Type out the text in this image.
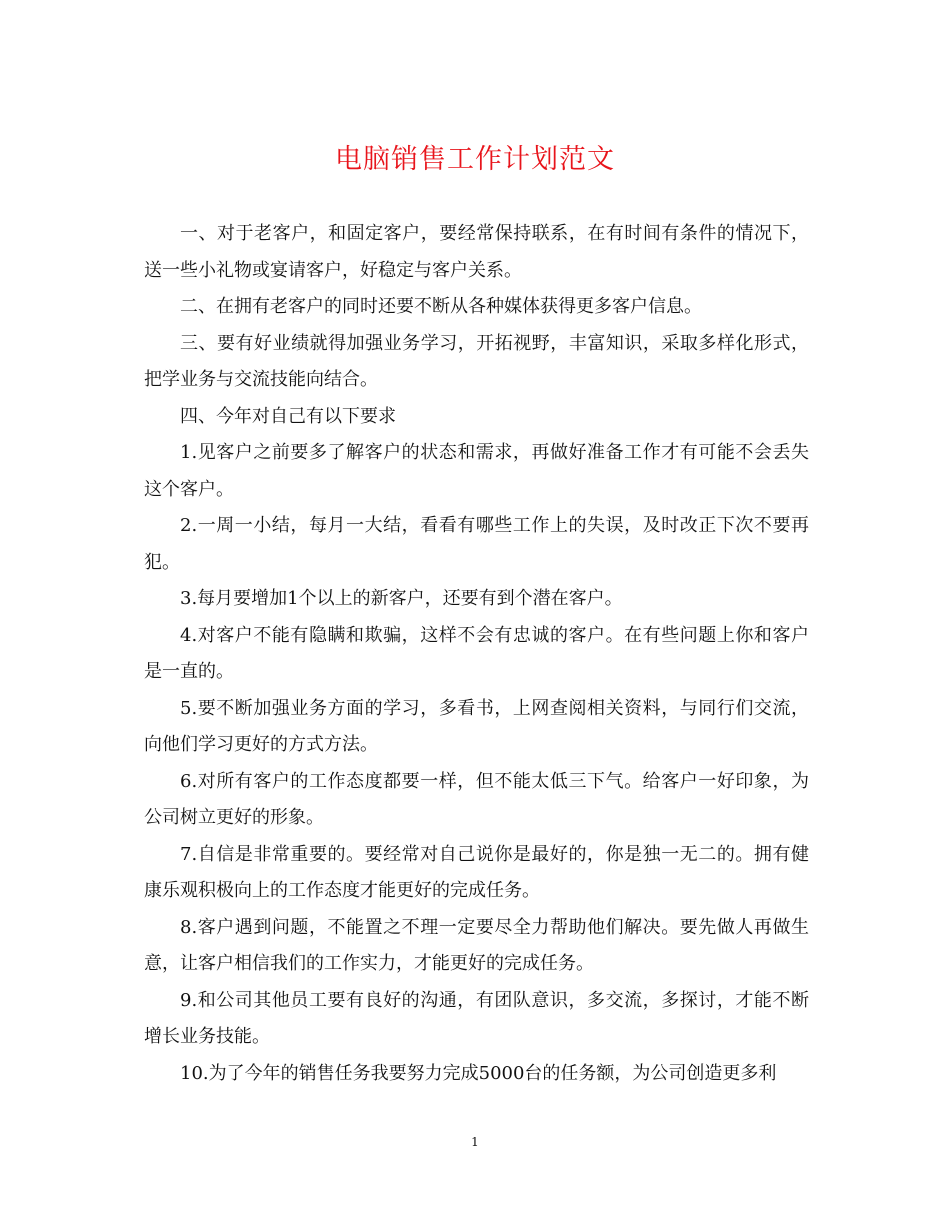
电脑销售工作计划范文

一、对于老客户，和固定客户，要经常保持联系，在有时间有条件的情况下，送一些小礼物或宴请客户，好稳定与客户关系。

二、在拥有老客户的同时还要不断从各种媒体获得更多客户信息。

三、要有好业绩就得加强业务学习，开拓视野，丰富知识，采取多样化形式，把学业务与交流技能向结合。

四、今年对自己有以下要求

1.见客户之前要多了解客户的状态和需求，再做好准备工作才有可能不会丢失这个客户。

2.一周一小结，每月一大结，看看有哪些工作上的失误，及时改正下次不要再犯。

3.每月要增加1个以上的新客户，还要有到个潜在客户。

4.对客户不能有隐瞒和欺骗，这样不会有忠诚的客户。在有些问题上你和客户是一直的。

5.要不断加强业务方面的学习，多看书，上网查阅相关资料，与同行们交流，向他们学习更好的方式方法。

6.对所有客户的工作态度都要一样，但不能太低三下气。给客户一好印象，为公司树立更好的形象。

7.自信是非常重要的。要经常对自己说你是最好的，你是独一无二的。拥有健康乐观积极向上的工作态度才能更好的完成任务。

8.客户遇到问题，不能置之不理一定要尽全力帮助他们解决。要先做人再做生意，让客户相信我们的工作实力，才能更好的完成任务。

9.和公司其他员工要有良好的沟通，有团队意识，多交流，多探讨，才能不断增长业务技能。

10.为了今年的销售任务我要努力完成5000台的任务额，为公司创造更多利

1
